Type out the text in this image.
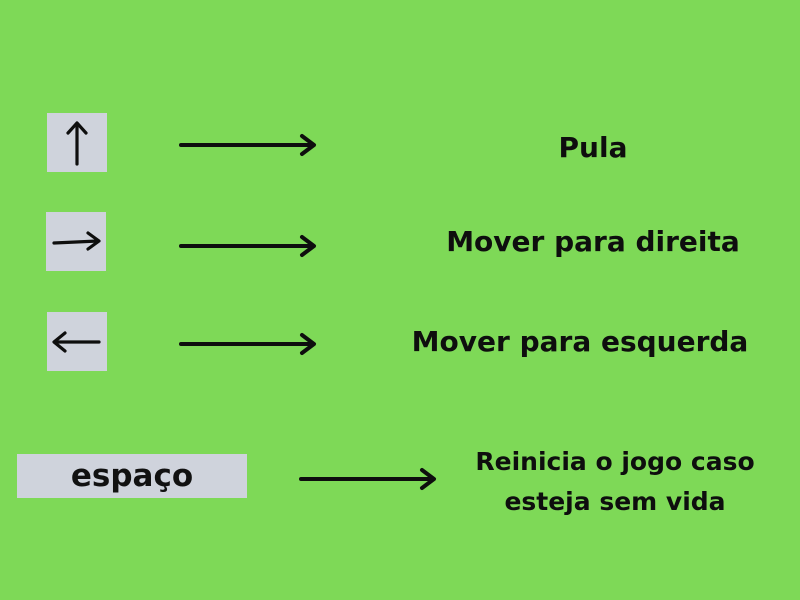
Pula
Mover para direita
Mover para esquerda
espaço	Reinicia o jogo caso
esteja sem vida
